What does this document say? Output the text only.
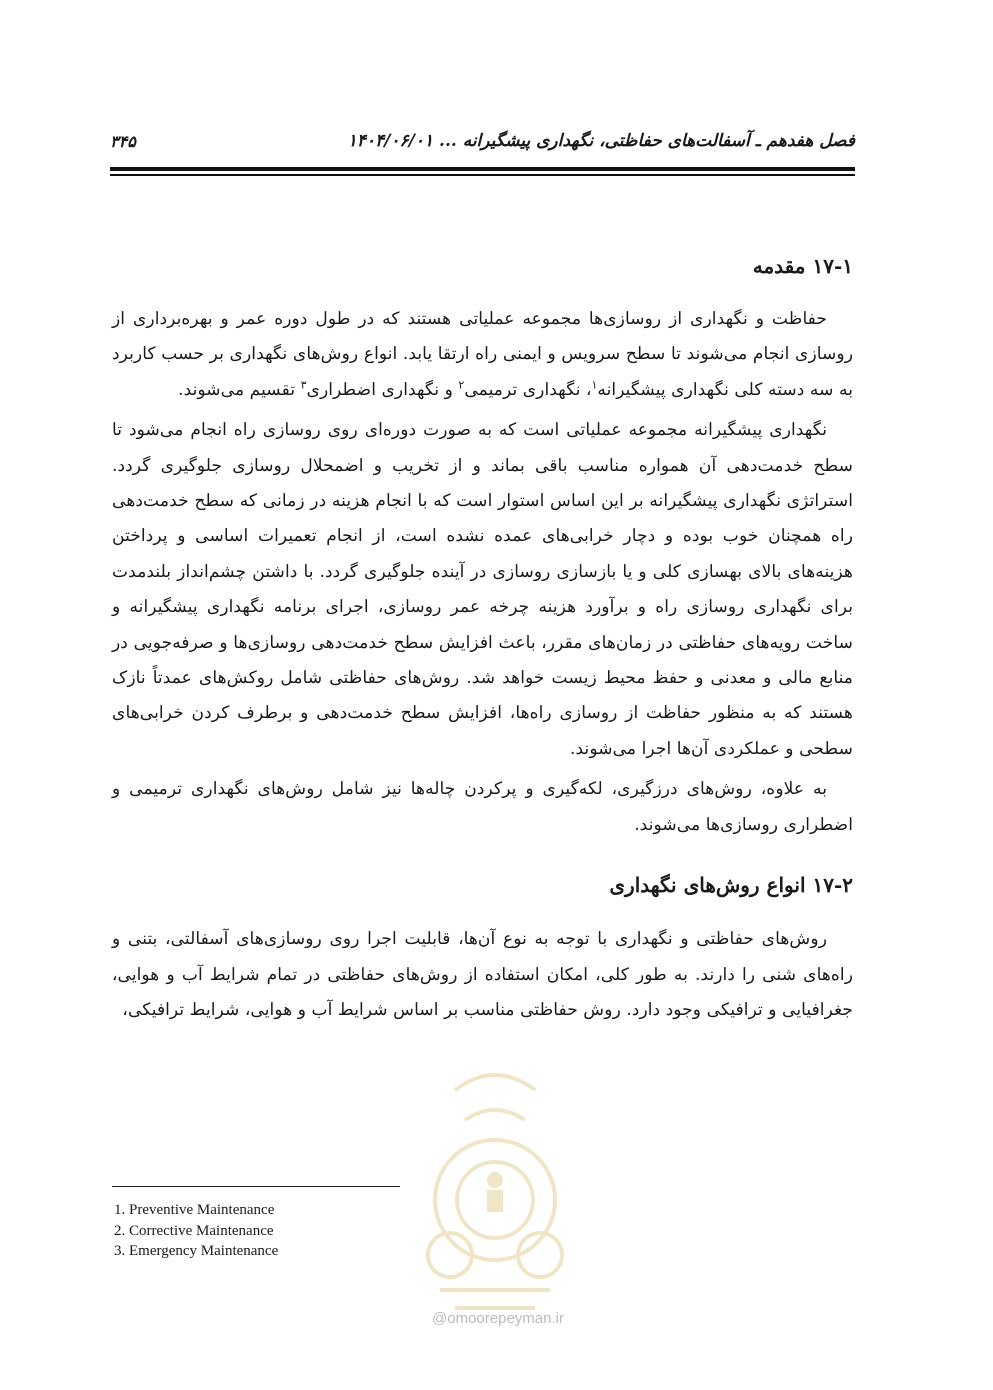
فصل هفدهم ـ آسفالت‌های حفاظتی، نگهداری پیشگیرانه ... ۱۴۰۴/۰۶/۰۱
۳۴۵
۱۷-۱ مقدمه

حفاظت و نگهداری از روسازی‌ها مجموعه عملیاتی هستند که در طول دوره عمر و بهره‌برداری از روسازی انجام می‌شوند تا سطح سرویس و ایمنی راه ارتقا یابد. انواع روش‌های نگهداری بر حسب کاربرد به سه دسته کلی نگهداری پیشگیرانه$^۱$، نگهداری ترمیمی$^۲$ و نگهداری اضطراری$^۳$ تقسیم می‌شوند.

نگهداری پیشگیرانه مجموعه عملیاتی است که به صورت دوره‌ای روی روسازی راه انجام می‌شود تا سطح خدمت‌دهی آن همواره مناسب باقی بماند و از تخریب و اضمحلال روسازی جلوگیری گردد. استراتژی نگهداری پیشگیرانه بر این اساس استوار است که با انجام هزینه در زمانی که سطح خدمت‌دهی راه همچنان خوب بوده و دچار خرابی‌های عمده نشده است، از انجام تعمیرات اساسی و پرداختن هزینه‌های بالای بهسازی کلی و یا بازسازی روسازی در آینده جلوگیری گردد. با داشتن چشم‌انداز بلندمدت برای نگهداری روسازی راه و برآورد هزینه چرخه عمر روسازی، اجرای برنامه نگهداری پیشگیرانه و ساخت رویه‌های حفاظتی در زمان‌های مقرر، باعث افزایش سطح خدمت‌دهی روسازی‌ها و صرفه‌جویی در منابع مالی و معدنی و حفظ محیط زیست خواهد شد. روش‌های حفاظتی شامل روکش‌های عمدتاً نازک هستند که به منظور حفاظت از روسازی راه‌ها، افزایش سطح خدمت‌دهی و برطرف کردن خرابی‌های سطحی و عملکردی آن‌ها اجرا می‌شوند.

به علاوه، روش‌های درزگیری، لکه‌گیری و پرکردن چاله‌ها نیز شامل روش‌های نگهداری ترمیمی و اضطراری روسازی‌ها می‌شوند.

۱۷-۲ انواع روش‌های نگهداری

روش‌های حفاظتی و نگهداری با توجه به نوع آن‌ها، قابلیت اجرا روی روسازی‌های آسفالتی، بتنی و راه‌های شنی را دارند. به طور کلی، امکان استفاده از روش‌های حفاظتی در تمام شرایط آب و هوایی، جغرافیایی و ترافیکی وجود دارد. روش حفاظتی مناسب بر اساس شرایط آب و هوایی، شرایط ترافیکی،

1. Preventive Maintenance
2. Corrective Maintenance
3. Emergency Maintenance
@omoorepeyman.ir
